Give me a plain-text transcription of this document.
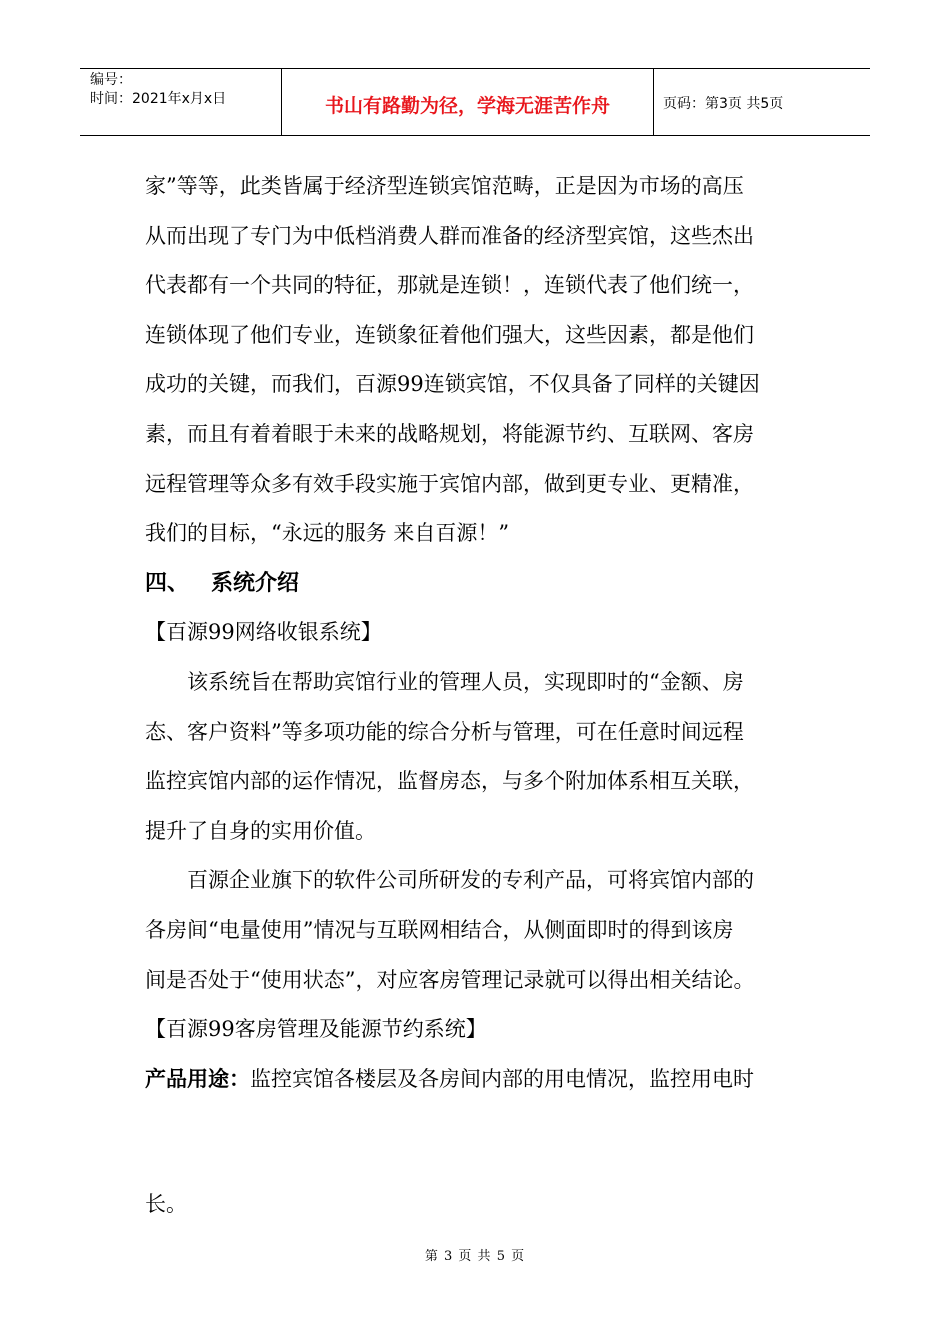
编号：
时间：2021年x月x日	书山有路勤为径，学海无涯苦作舟	页码：第3页 共5页

家”等等，此类皆属于经济型连锁宾馆范畴，正是因为市场的高压

从而出现了专门为中低档消费人群而准备的经济型宾馆，这些杰出

代表都有一个共同的特征，那就是连锁！，连锁代表了他们统一，

连锁体现了他们专业，连锁象征着他们强大，这些因素，都是他们

成功的关键，而我们，百源99连锁宾馆，不仅具备了同样的关键因

素，而且有着着眼于未来的战略规划，将能源节约、互联网、客房

远程管理等众多有效手段实施于宾馆内部，做到更专业、更精准，

我们的目标，“永远的服务 来自百源！”

四、 系统介绍

【百源99网络收银系统】

该系统旨在帮助宾馆行业的管理人员，实现即时的“金额、房

态、客户资料”等多项功能的综合分析与管理，可在任意时间远程

监控宾馆内部的运作情况，监督房态，与多个附加体系相互关联，

提升了自身的实用价值。

百源企业旗下的软件公司所研发的专利产品，可将宾馆内部的

各房间“电量使用”情况与互联网相结合，从侧面即时的得到该房

间是否处于“使用状态”，对应客房管理记录就可以得出相关结论。

【百源99客房管理及能源节约系统】

产品用途：监控宾馆各楼层及各房间内部的用电情况，监控用电时

长。
第 3 页 共 5 页
